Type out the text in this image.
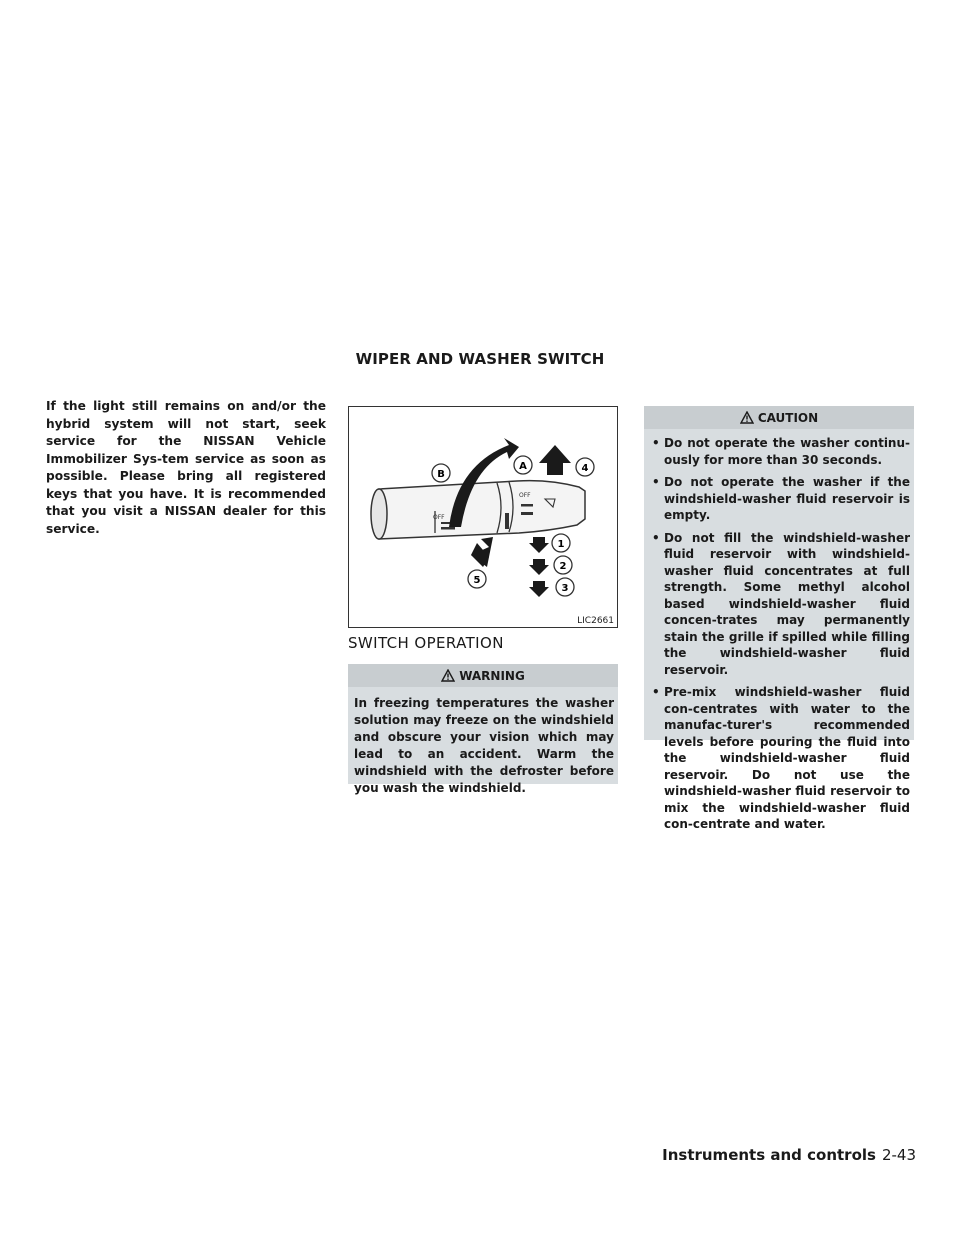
WIPER AND WASHER SWITCH
If the light still remains on and/or the hybrid system will not start, seek service for the NISSAN Vehicle Immobilizer Sys-tem service as soon as possible. Please bring all registered keys that you have. It is recommended that you visit a NISSAN dealer for this service.
OFF
OFF
B
A	4
1
2
3
5
LIC2661
SWITCH OPERATION
WARNING
In freezing temperatures the washer solution may freeze on the windshield and obscure your vision which may lead to an accident. Warm the windshield with the defroster before you wash the windshield.
CAUTION
• Do not operate the washer continu-ously for more than 30 seconds.
• Do not operate the washer if the windshield-washer fluid reservoir is empty.
• Do not fill the windshield-washer fluid reservoir with windshield-washer fluid concentrates at full strength. Some methyl alcohol based windshield-washer fluid concen-trates may permanently stain the grille if spilled while filling the windshield-washer fluid reservoir.
• Pre-mix windshield-washer fluid con-centrates with water to the manufac-turer's recommended levels before pouring the fluid into the windshield-washer fluid reservoir. Do not use the windshield-washer fluid reservoir to mix the windshield-washer fluid con-centrate and water.
Instruments and controls 2-43
